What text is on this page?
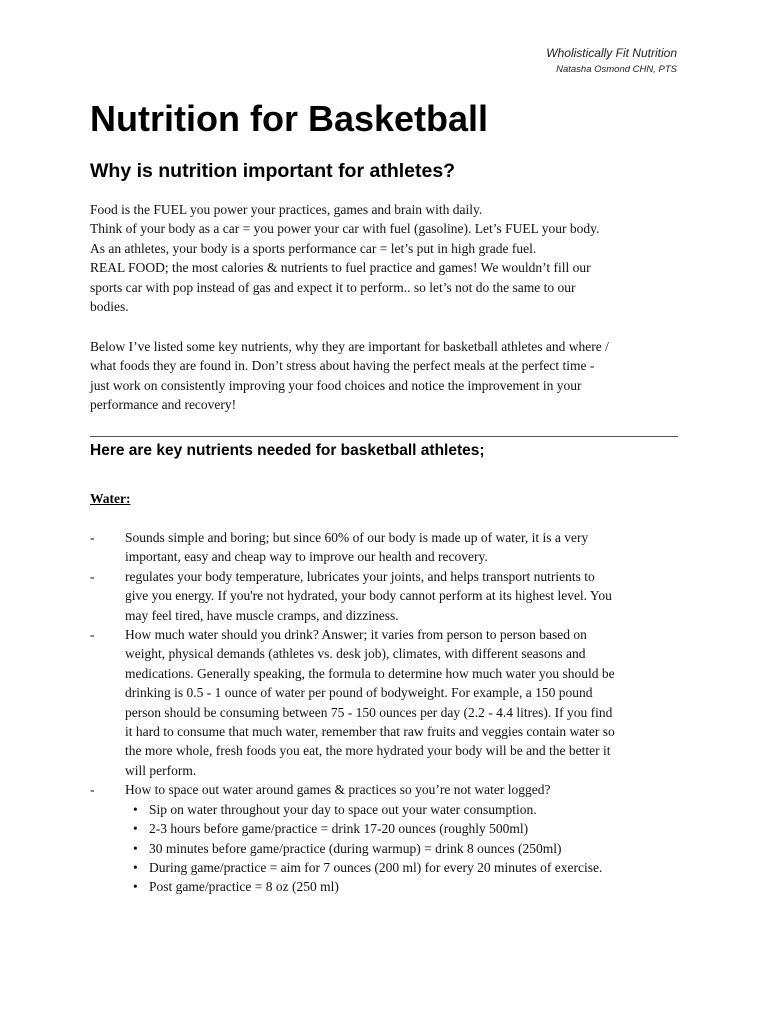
Wholistically Fit Nutrition
Natasha Osmond CHN, PTS
Nutrition for Basketball
Why is nutrition important for athletes?

Food is the FUEL you power your practices, games and brain with daily.
Think of your body as a car = you power your car with fuel (gasoline). Let’s FUEL your body.
As an athletes, your body is a sports performance car = let’s put in high grade fuel.
REAL FOOD; the most calories & nutrients to fuel practice and games! We wouldn’t fill our
sports car with pop instead of gas and expect it to perform.. so let’s not do the same to our
bodies.

Below I’ve listed some key nutrients, why they are important for basketball athletes and where /
what foods they are found in. Don’t stress about having the perfect meals at the perfect time -
just work on consistently improving your food choices and notice the improvement in your
performance and recovery!

Here are key nutrients needed for basketball athletes;
Water:
- Sounds simple and boring; but since 60% of our body is made up of water, it is a very
important, easy and cheap way to improve our health and recovery.
- regulates your body temperature, lubricates your joints, and helps transport nutrients to
give you energy. If you're not hydrated, your body cannot perform at its highest level. You
may feel tired, have muscle cramps, and dizziness.
- How much water should you drink? Answer; it varies from person to person based on
weight, physical demands (athletes vs. desk job), climates, with different seasons and
medications. Generally speaking, the formula to determine how much water you should be
drinking is 0.5 - 1 ounce of water per pound of bodyweight. For example, a 150 pound
person should be consuming between 75 - 150 ounces per day (2.2 - 4.4 litres). If you find
it hard to consume that much water, remember that raw fruits and veggies contain water so
the more whole, fresh foods you eat, the more hydrated your body will be and the better it
will perform.
- How to space out water around games & practices so you’re not water logged?
• Sip on water throughout your day to space out your water consumption.
• 2-3 hours before game/practice = drink 17-20 ounces (roughly 500ml)
• 30 minutes before game/practice (during warmup) = drink 8 ounces (250ml)
• During game/practice = aim for 7 ounces (200 ml) for every 20 minutes of exercise.
• Post game/practice = 8 oz (250 ml)
